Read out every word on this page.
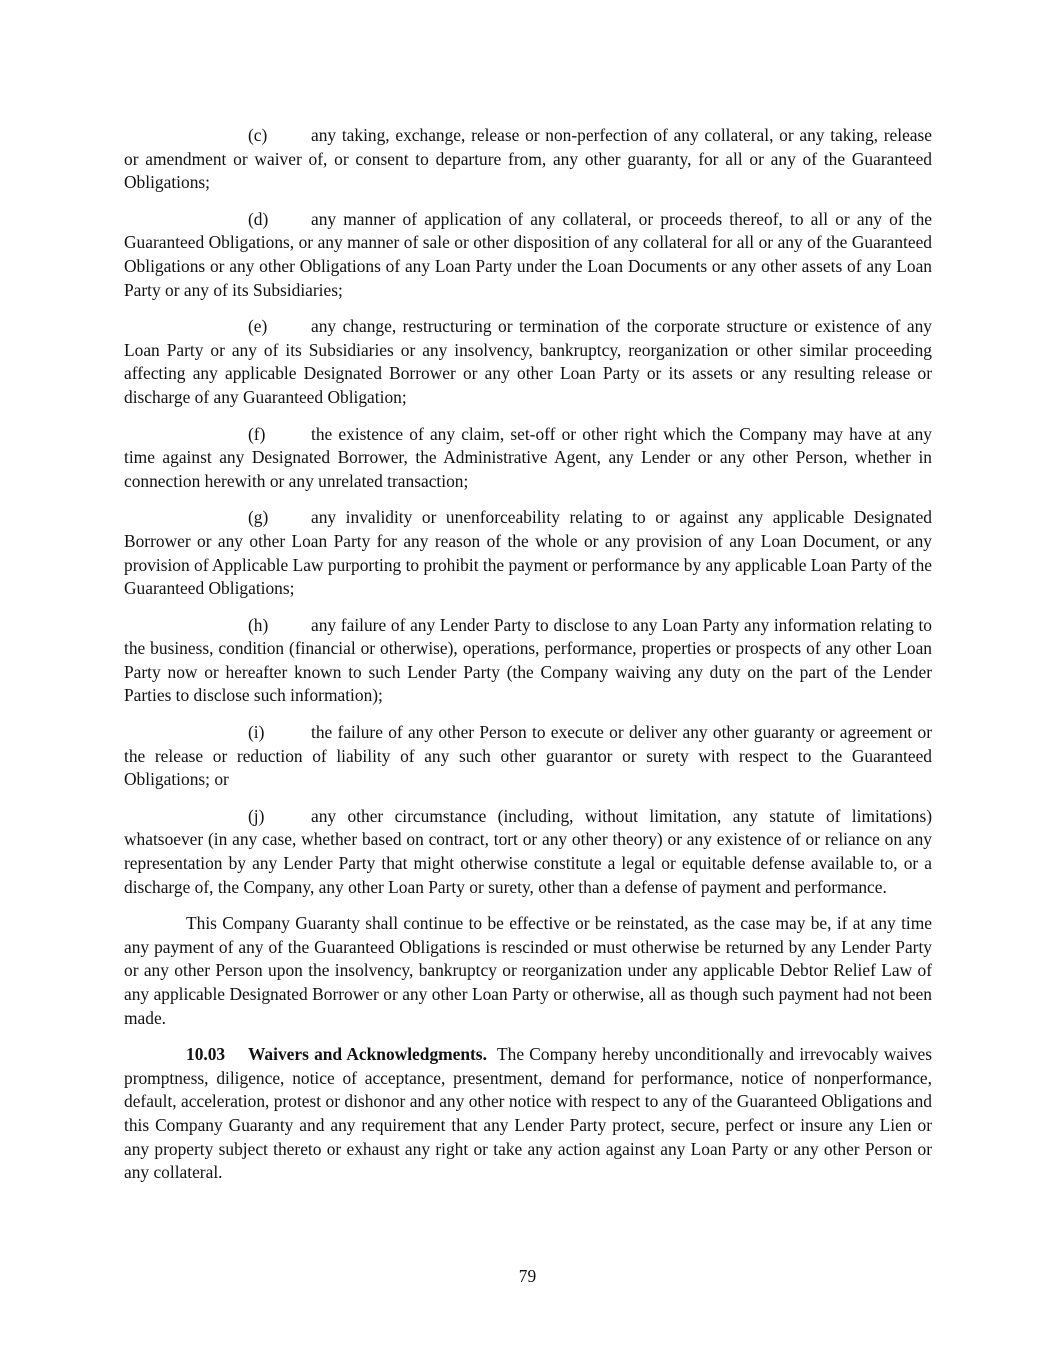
(c)	any taking, exchange, release or non-perfection of any collateral, or any taking, release or amendment or waiver of, or consent to departure from, any other guaranty, for all or any of the Guaranteed Obligations;

(d) any manner of application of any collateral, or proceeds thereof, to all or any of the Guaranteed Obligations, or any manner of sale or other disposition of any collateral for all or any of the Guaranteed Obligations or any other Obligations of any Loan Party under the Loan Documents or any other assets of any Loan Party or any of its Subsidiaries;

(e)	any change, restructuring or termination of the corporate structure or existence of any Loan Party or any of its Subsidiaries or any insolvency, bankruptcy, reorganization or other similar proceeding affecting any applicable Designated Borrower or any other Loan Party or its assets or any resulting release or discharge of any Guaranteed Obligation;

(f)	the existence of any claim, set-off or other right which the Company may have at any time against any Designated Borrower, the Administrative Agent, any Lender or any other Person, whether in connection herewith or any unrelated transaction;

(g) any invalidity or unenforceability relating to or against any applicable Designated Borrower or any other Loan Party for any reason of the whole or any provision of any Loan Document, or any provision of Applicable Law purporting to prohibit the payment or performance by any applicable Loan Party of the Guaranteed Obligations;

(h) any failure of any Lender Party to disclose to any Loan Party any information relating to the business, condition (financial or otherwise), operations, performance, properties or prospects of any other Loan Party now or hereafter known to such Lender Party (the Company waiving any duty on the part of the Lender Parties to disclose such information);

(i)	the failure of any other Person to execute or deliver any other guaranty or agreement or the release or reduction of liability of any such other guarantor or surety with respect to the Guaranteed Obligations; or

(j)	any other circumstance (including, without limitation, any statute of limitations) whatsoever (in any case, whether based on contract, tort or any other theory) or any existence of or reliance on any representation by any Lender Party that might otherwise constitute a legal or equitable defense available to, or a discharge of, the Company, any other Loan Party or surety, other than a defense of payment and performance.

This Company Guaranty shall continue to be effective or be reinstated, as the case may be, if at any time any payment of any of the Guaranteed Obligations is rescinded or must otherwise be returned by any Lender Party or any other Person upon the insolvency, bankruptcy or reorganization under any applicable Debtor Relief Law of any applicable Designated Borrower or any other Loan Party or otherwise, all as though such payment had not been made.

10.03 Waivers and Acknowledgments. The Company hereby unconditionally and irrevocably waives promptness, diligence, notice of acceptance, presentment, demand for performance, notice of nonperformance, default, acceleration, protest or dishonor and any other notice with respect to any of the Guaranteed Obligations and this Company Guaranty and any requirement that any Lender Party protect, secure, perfect or insure any Lien or any property subject thereto or exhaust any right or take any action against any Loan Party or any other Person or any collateral.

79
